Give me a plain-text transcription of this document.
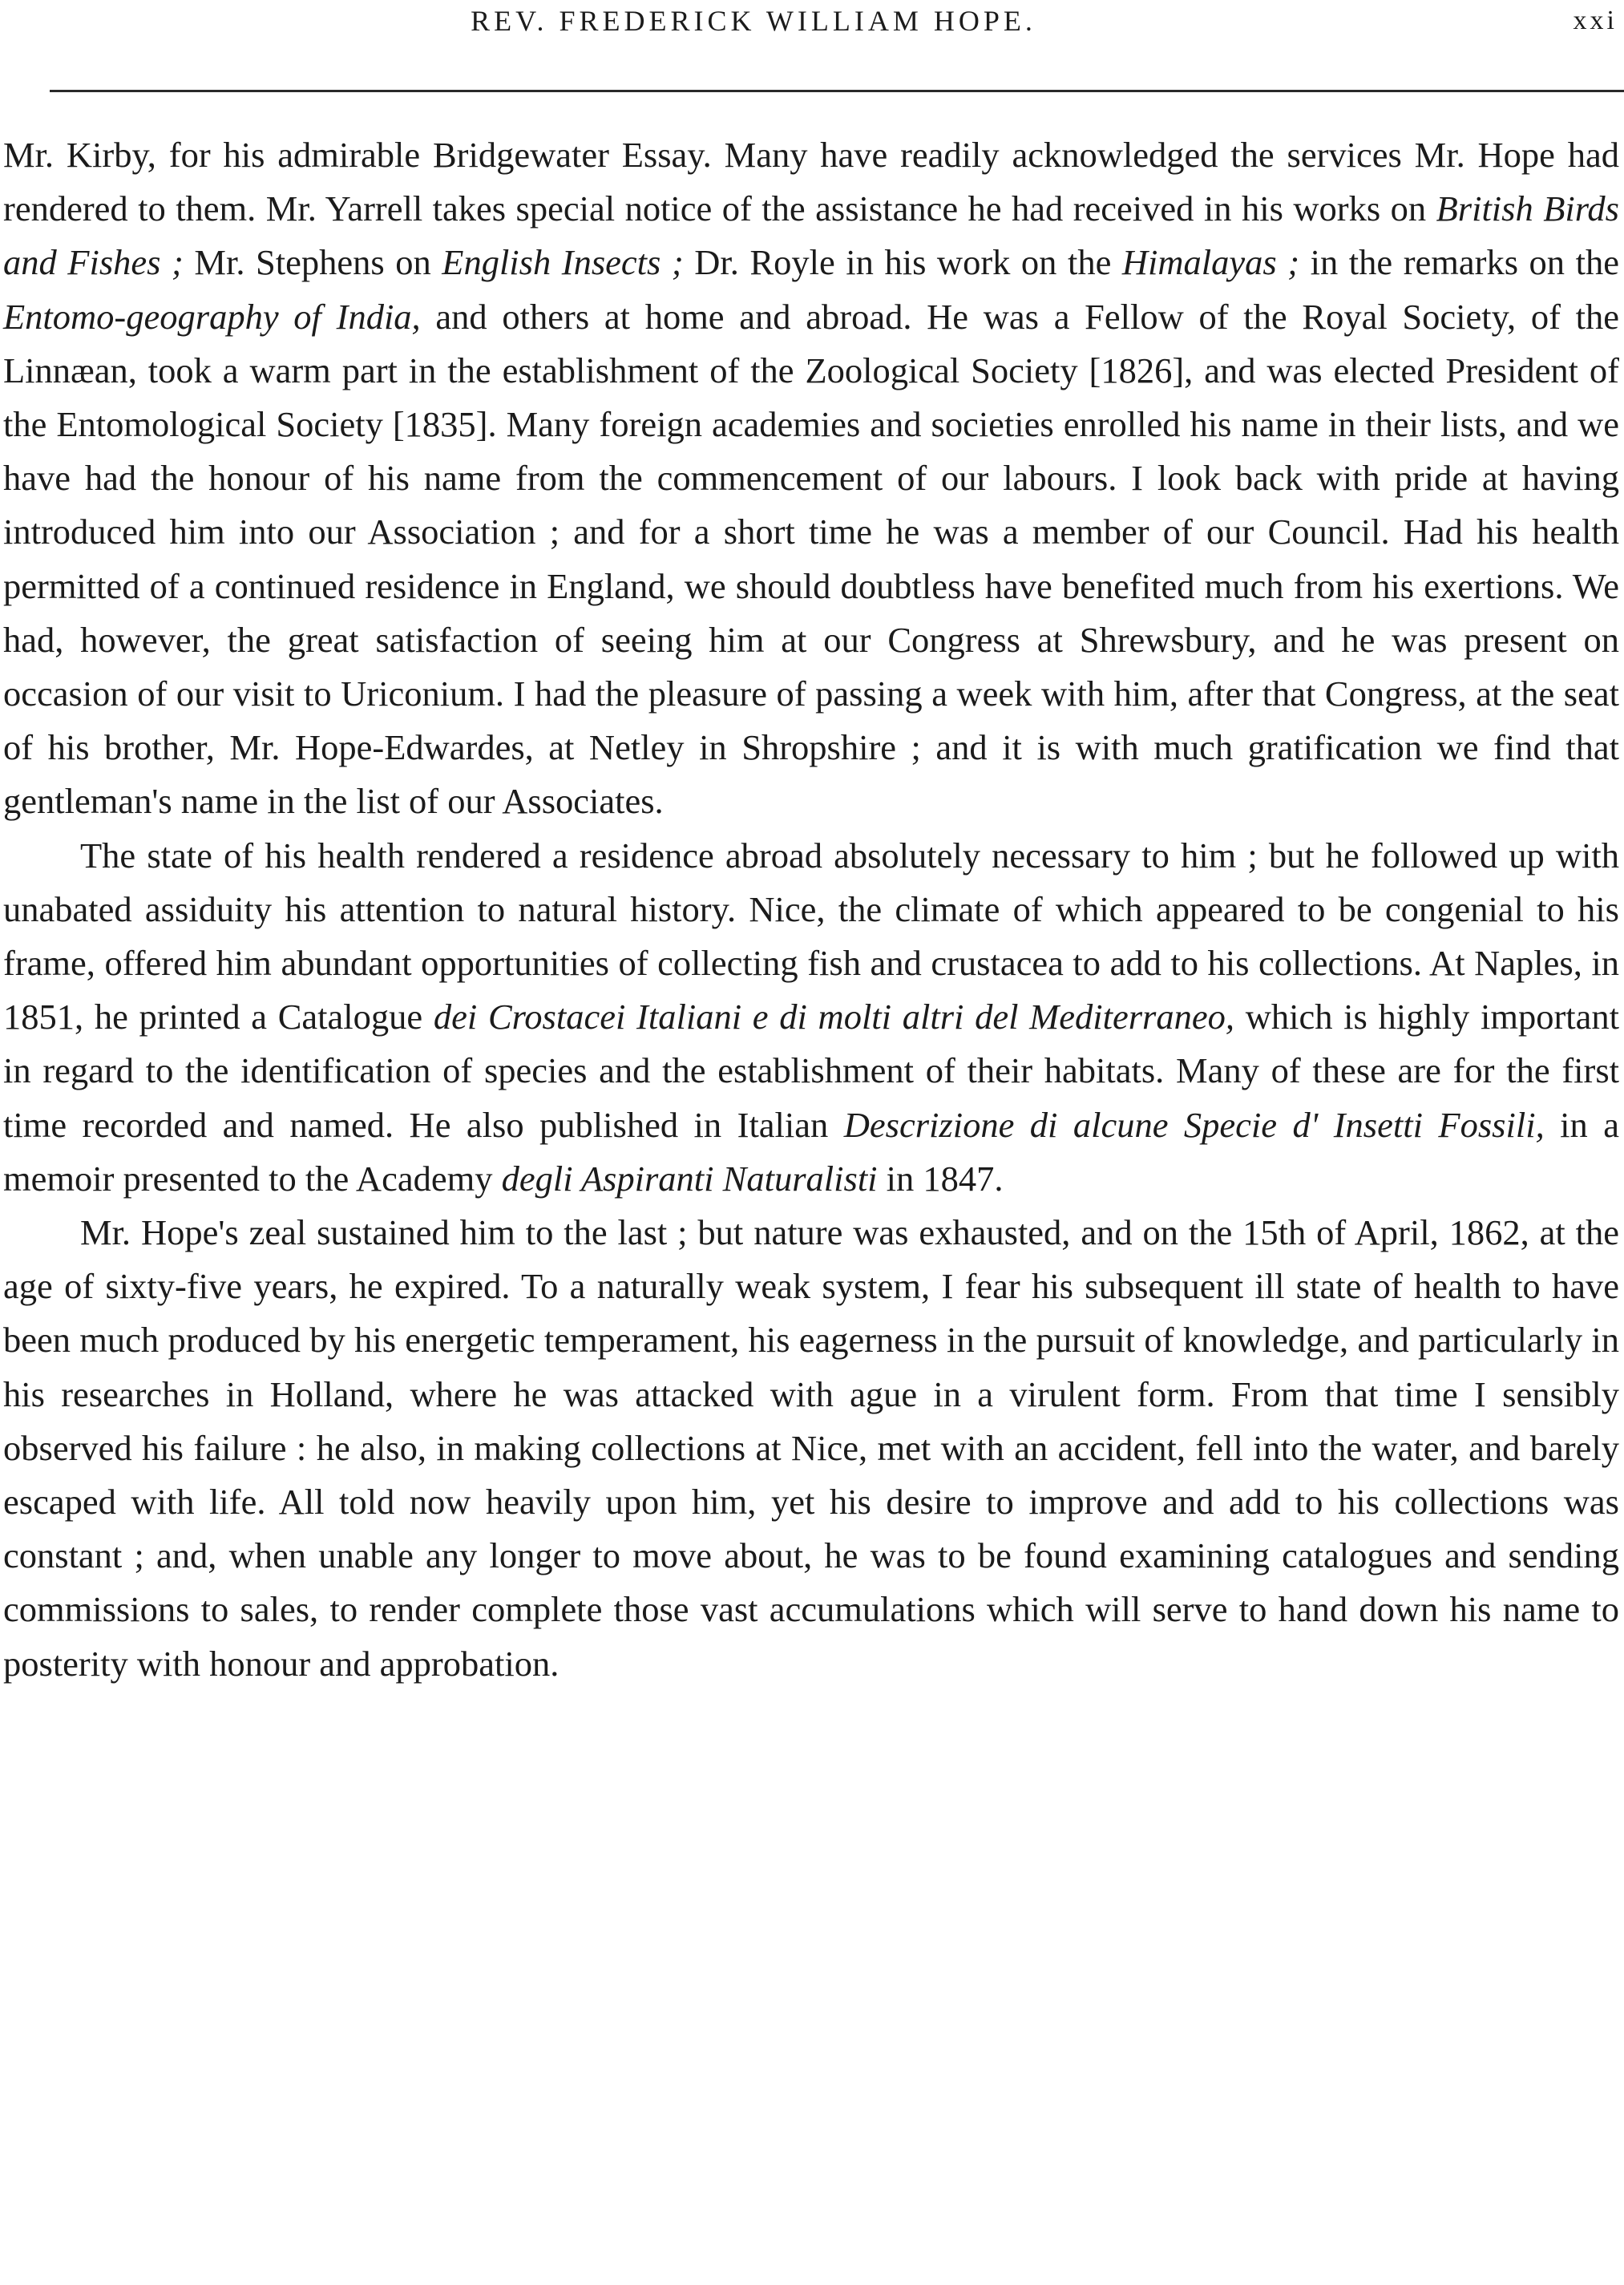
REV. FREDERICK WILLIAM HOPE.	xxi

Mr. Kirby, for his admirable Bridgewater Essay. Many have readily acknowledged the services Mr. Hope had rendered to them. Mr. Yarrell takes special notice of the assistance he had received in his works on British Birds and Fishes ; Mr. Stephens on English Insects ; Dr. Royle in his work on the Himalayas ; in the remarks on the Entomo-geography of India, and others at home and abroad. He was a Fellow of the Royal Society, of the Linnæan, took a warm part in the establishment of the Zoological Society [1826], and was elected President of the Entomological Society [1835]. Many foreign academies and societies enrolled his name in their lists, and we have had the honour of his name from the commencement of our labours. I look back with pride at having introduced him into our Association ; and for a short time he was a member of our Council. Had his health permitted of a continued residence in England, we should doubtless have benefited much from his exertions. We had, however, the great satisfaction of seeing him at our Congress at Shrewsbury, and he was present on occasion of our visit to Uriconium. I had the pleasure of passing a week with him, after that Congress, at the seat of his brother, Mr. Hope-Edwardes, at Netley in Shropshire ; and it is with much gratification we find that gentleman's name in the list of our Associates.

The state of his health rendered a residence abroad absolutely necessary to him ; but he followed up with unabated assiduity his attention to natural history. Nice, the climate of which appeared to be congenial to his frame, offered him abundant opportunities of collecting fish and crustacea to add to his collections. At Naples, in 1851, he printed a Catalogue dei Crostacei Italiani e di molti altri del Mediterraneo, which is highly important in regard to the identification of species and the establishment of their habitats. Many of these are for the first time recorded and named. He also published in Italian Descrizione di alcune Specie d' Insetti Fossili, in a memoir presented to the Academy degli Aspiranti Naturalisti in 1847.

Mr. Hope's zeal sustained him to the last ; but nature was exhausted, and on the 15th of April, 1862, at the age of sixty-five years, he expired. To a naturally weak system, I fear his subsequent ill state of health to have been much produced by his energetic temperament, his eagerness in the pursuit of knowledge, and particularly in his researches in Holland, where he was attacked with ague in a virulent form. From that time I sensibly observed his failure : he also, in making collections at Nice, met with an accident, fell into the water, and barely escaped with life. All told now heavily upon him, yet his desire to improve and add to his collections was constant ; and, when unable any longer to move about, he was to be found examining catalogues and sending commissions to sales, to render complete those vast accumulations which will serve to hand down his name to posterity with honour and approbation.
